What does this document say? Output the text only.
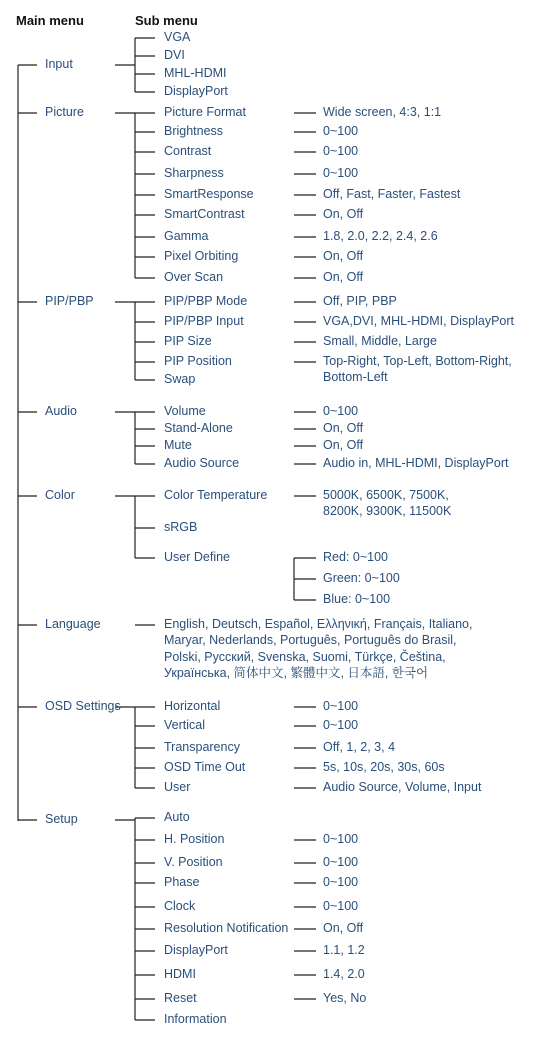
Main menu	Sub menu
Input
VGA
DVI
MHL-HDMI
DisplayPort
Picture	Picture Format	Wide screen, 4:3, 1:1
Brightness	0~100
Contrast	0~100
Sharpness	0~100
SmartResponse	Off, Fast, Faster, Fastest
SmartContrast	On, Off
Gamma	1.8, 2.0, 2.2, 2.4, 2.6
Pixel Orbiting	On, Off
Over Scan	On, Off
PIP/PBP	PIP/PBP Mode	Off, PIP, PBP
PIP/PBP Input	VGA,DVI, MHL-HDMI, DisplayPort
PIP Size	Small, Middle, Large
PIP Position	Top-Right, Top-Left, Bottom-Right,
Bottom-Left
Swap
Audio	Volume	0~100
Stand-Alone	On, Off
Mute	On, Off
Audio Source	Audio in, MHL-HDMI, DisplayPort
Color	Color Temperature	5000K, 6500K, 7500K,
8200K, 9300K, 11500K
sRGB
User Define	Red: 0~100
Green: 0~100
Blue: 0~100
Language	English, Deutsch, Español, Ελληνική, Français, Italiano,
Maryar, Nederlands, Português, Português do Brasil,
Polski, Русский, Svenska, Suomi, Türkçe, Čeština,
Українська, 简体中文, 繁體中文, 日本語, 한국어
OSD Settings	Horizontal	0~100
Vertical	0~100
Transparency	Off, 1, 2, 3, 4
OSD Time Out	5s, 10s, 20s, 30s, 60s
User	Audio Source, Volume, Input
Setup	Auto
H. Position	0~100
V. Position	0~100
Phase	0~100
Clock	0~100
Resolution Notification	On, Off
DisplayPort	1.1, 1.2
HDMI	1.4, 2.0
Reset	Yes, No
Information
